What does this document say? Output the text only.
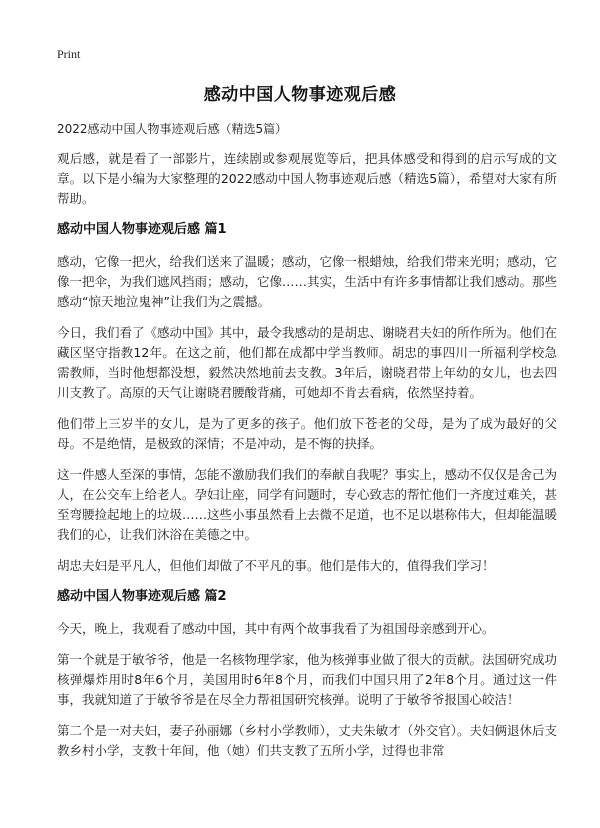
Print
感动中国人物事迹观后感
2022感动中国人物事迹观后感（精选5篇）

观后感，就是看了一部影片，连续剧或参观展览等后，把具体感受和得到的启示写成的文章。以下是小编为大家整理的2022感动中国人物事迹观后感（精选5篇），希望对大家有所帮助。

感动中国人物事迹观后感 篇1

感动，它像一把火，给我们送来了温暖；感动，它像一根蜡烛，给我们带来光明；感动，它像一把伞，为我们遮风挡雨；感动，它像……其实，生活中有许多事情都让我们感动。那些感动“惊天地泣鬼神”让我们为之震撼。

今日，我们看了《感动中国》其中，最令我感动的是胡忠、谢晓君夫妇的所作所为。他们在藏区坚守指教12年。在这之前，他们都在成都中学当教师。胡忠的事四川一所福利学校急需教师，当时他想都没想，毅然决然地前去支教。3年后，谢晓君带上年幼的女儿，也去四川支教了。高原的天气让谢晓君腰酸背痛，可她却不肯去看病，依然坚持着。

他们带上三岁半的女儿，是为了更多的孩子。他们放下苍老的父母，是为了成为最好的父母。不是绝情，是极致的深情；不是冲动，是不悔的抉择。

这一件感人至深的事情，怎能不激励我们我们的奉献自我呢？事实上，感动不仅仅是舍己为人，在公交车上给老人。孕妇让座，同学有问题时，专心致志的帮忙他们一齐度过难关，甚至弯腰捡起地上的垃圾……这些小事虽然看上去微不足道，也不足以堪称伟大，但却能温暖我们的心，让我们沐浴在美德之中。

胡忠夫妇是平凡人，但他们却做了不平凡的事。他们是伟大的，值得我们学习！

感动中国人物事迹观后感 篇2

今天，晚上，我观看了感动中国，其中有两个故事我看了为祖国母亲感到开心。

第一个就是于敏爷爷，他是一名核物理学家，他为核弹事业做了很大的贡献。法国研究成功核弹爆炸用时8年6个月，美国用时6年8个月，而我们中国只用了2年8个月。通过这一件事，我就知道了于敏爷爷是在尽全力帮祖国研究核弹。说明了于敏爷爷报国心皎洁！

第二个是一对夫妇，妻子孙丽娜（乡村小学教师），丈夫朱敏才（外交官）。夫妇俩退休后支教乡村小学，支教十年间，他（她）们共支教了五所小学，过得也非常
